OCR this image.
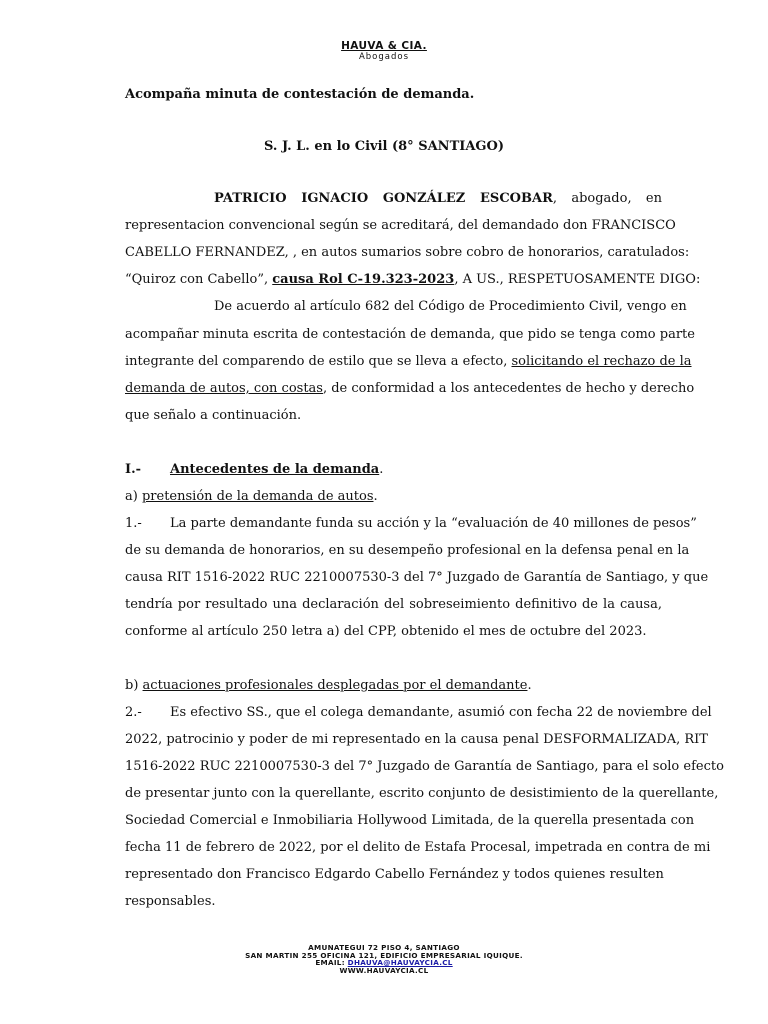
HAUVA & CIA.
Abogados
Acompaña minuta de contestación de demanda.
S. J. L. en lo Civil (8° SANTIAGO)
PATRICIO IGNACIO GONZÁLEZ ESCOBAR, abogado, en
representacion convencional según se acreditará, del demandado don FRANCISCO
CABELLO FERNANDEZ, , en autos sumarios sobre cobro de honorarios, caratulados:
“Quiroz con Cabello”, causa Rol C-19.323-2023, A US., RESPETUOSAMENTE DIGO:
De acuerdo al artículo 682 del Código de Procedimiento Civil, vengo en
acompañar minuta escrita de contestación de demanda, que pido se tenga como parte
integrante del comparendo de estilo que se lleva a efecto, solicitando el rechazo de la
demanda de autos, con costas, de conformidad a los antecedentes de hecho y derecho
que señalo a continuación.
I.- Antecedentes de la demanda.
a) pretensión de la demanda de autos.
1.- La parte demandante funda su acción y la “evaluación de 40 millones de pesos”
de su demanda de honorarios, en su desempeño profesional en la defensa penal en la
causa RIT 1516-2022 RUC 2210007530-3 del 7° Juzgado de Garantía de Santiago, y que
tendría por resultado una declaración del sobreseimiento definitivo de la causa,
conforme al artículo 250 letra a) del CPP, obtenido el mes de octubre del 2023.
b) actuaciones profesionales desplegadas por el demandante.
2.- Es efectivo SS., que el colega demandante, asumió con fecha 22 de noviembre del
2022, patrocinio y poder de mi representado en la causa penal DESFORMALIZADA, RIT
1516-2022 RUC 2210007530-3 del 7° Juzgado de Garantía de Santiago, para el solo efecto
de presentar junto con la querellante, escrito conjunto de desistimiento de la querellante,
Sociedad Comercial e Inmobiliaria Hollywood Limitada, de la querella presentada con
fecha 11 de febrero de 2022, por el delito de Estafa Procesal, impetrada en contra de mi
representado don Francisco Edgardo Cabello Fernández y todos quienes resulten
responsables.
AMUNATEGUI 72 PISO 4, SANTIAGO
SAN MARTIN 255 OFICINA 121, EDIFICIO EMPRESARIAL IQUIQUE.
EMAIL: DHAUVA@HAUVAYCIA.CL
WWW.HAUVAYCIA.CL
